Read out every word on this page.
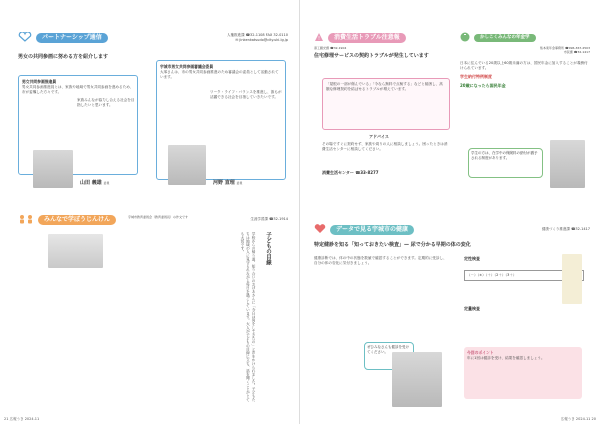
パートナーシップ通信	人権推進課 ☎32-1108 FAX 32-0110
✉ jinkenkatsudo@city.uki.lg.jp
男女の共同参画に努める方を紹介します
男女共同参画推進員
男女共同参画推進員とは、家族や地域で男女共同参画を進めるため、市が委嘱した方々です。
家族みんなが協力し合える社会を目指したいと思います。
山田 義雄 委員
宇城市男女共同参画審議会委員
大塚さんは、市の男女共同参画推進のため審議会の委員として活動されています。
ワーク・ライフ・バランスを推進し、誰もが活躍できる社会を目指していきたいです。
河野 直理 委員
みんなで学ぼうじんけん	生涯学習課 ☎32-1914
宇城市教育委員会（教育委員長）の作文です
子どもの目線
学校からの帰り道、知り合いのおばあさんに「今日は何をしてきたの」と声をかけられました。子どもたちは地域の人に見守られながら毎日を過ごしています。大人が子どもの目線に立ち、話を聞くことがとても大切です。
21 広報うき 2024.11
!	消費生活トラブル注意報
商工観光課 ☎32-1904
住宅修理サービスの契約トラブルが発生しています
「屋根の一部が傷んでいる」「今なら無料で点検する」などと勧誘し、高額な修理契約を結ばせるトラブルが増えています。
アドバイス
その場ですぐに契約せず、家族や周りの人に相談しましょう。困ったときは消費生活センターに相談してください。
消費生活センター ☎33-8277
かしこくみんなの年金学
熊本東年金事務所 ☎096-367-2503
市民課 ☎32-1417
日本に住んでいる20歳以上60歳未満の方は、国民年金に加入することが義務付けられています。
学生納付特例制度
20歳になったら国民年金
学生の方は、在学中の保険料の納付が猶予される制度があります。
データで見る宇城市の健康	健康づくり推進課 ☎32-1417
特定健診を知る「知っておきたい検査」— 尿で分かる早期の体の変化
健康診断では、体の中の状態を数値で確認することができます。定期的に受診し、自分の体の変化に気付きましょう。
ぜひみなさんも健診を受けてください。
定性検査
（－）（±）（＋）（2＋）（3＋）
定量検査
今回のポイント
年に1回は健診を受け、結果を確認しましょう。
広報うき 2024.11 20
